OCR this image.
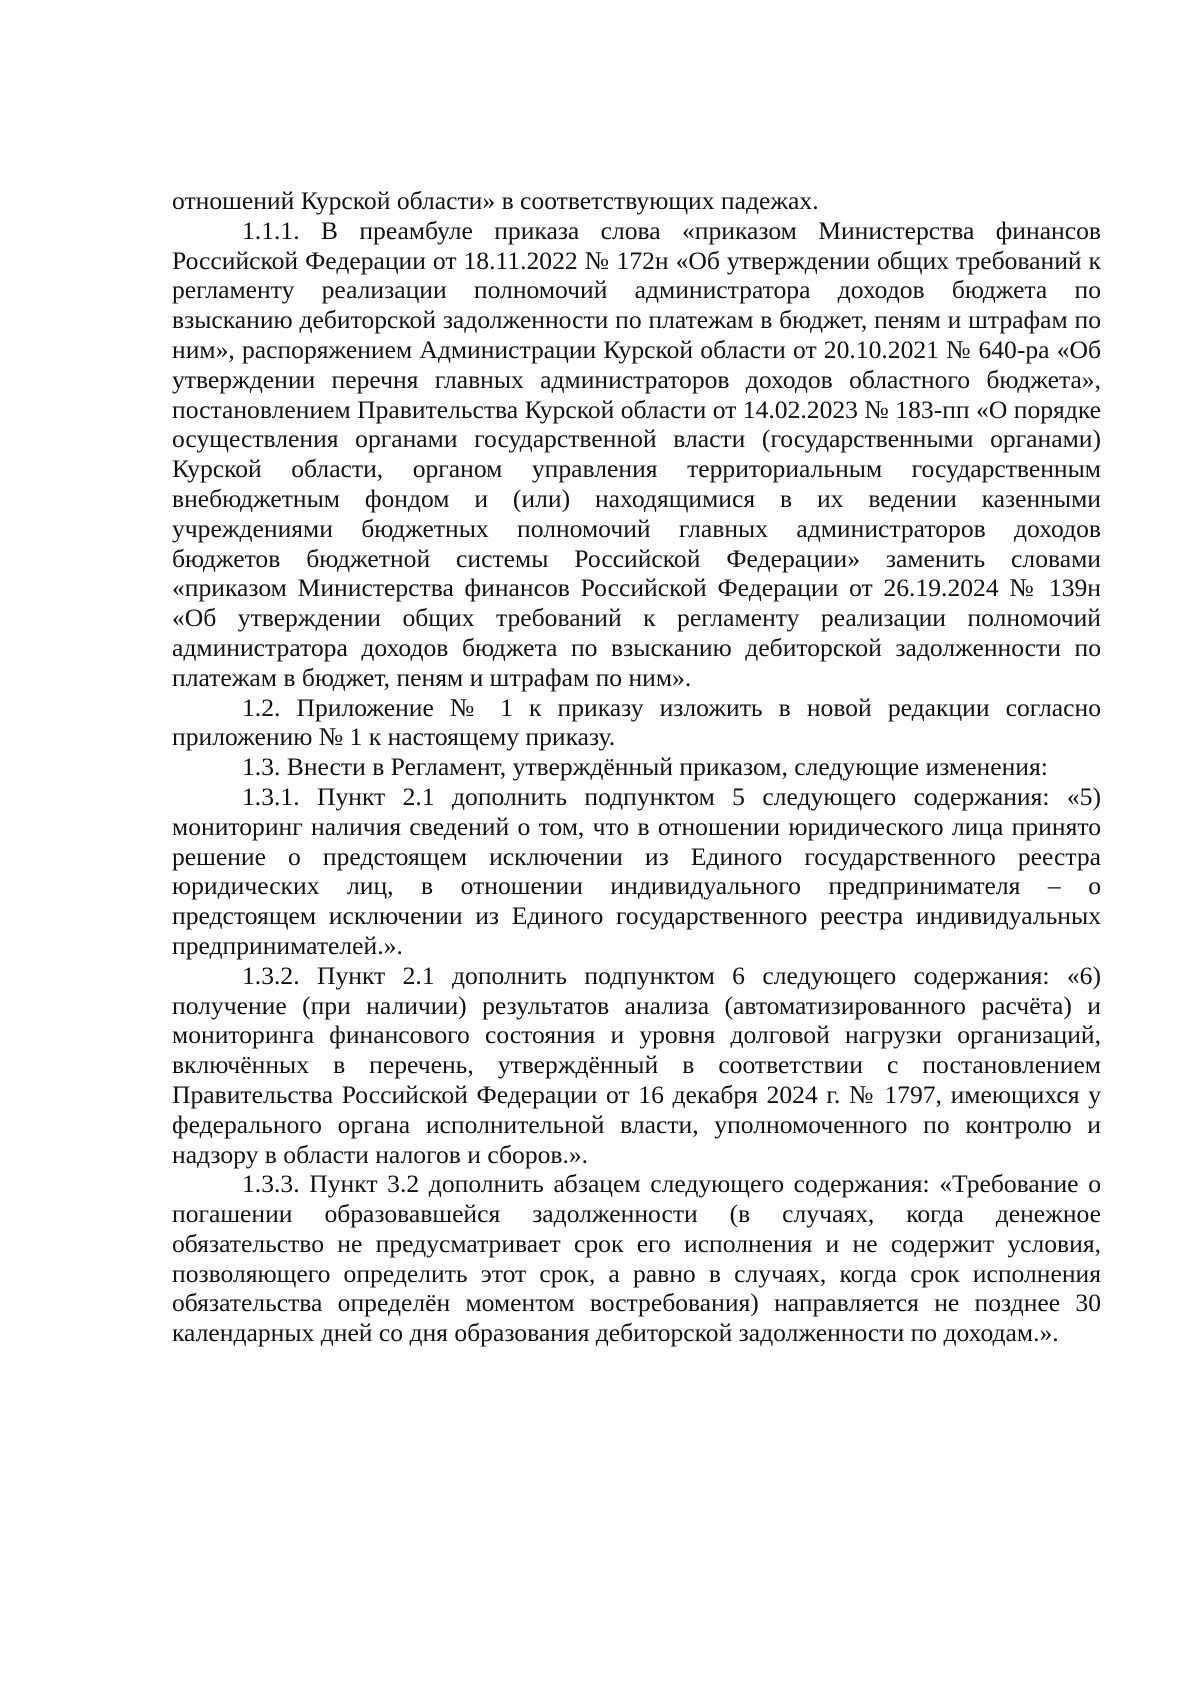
отношений Курской области» в соответствующих падежах.

1.1.1. В преамбуле приказа слова «приказом Министерства финансов Российской Федерации от 18.11.2022 № 172н «Об утверждении общих требований к регламенту реализации полномочий администратора доходов бюджета по взысканию дебиторской задолженности по платежам в бюджет, пеням и штрафам по ним», распоряжением Администрации Курской области от 20.10.2021 № 640-ра «Об утверждении перечня главных администраторов доходов областного бюджета», постановлением Правительства Курской области от 14.02.2023 № 183-пп «О порядке осуществления органами государственной власти (государственными органами) Курской области, органом управления территориальным государственным внебюджетным фондом и (или) находящимися в их ведении казенными учреждениями бюджетных полномочий главных администраторов доходов бюджетов бюджетной системы Российской Федерации» заменить словами «приказом Министерства финансов Российской Федерации от 26.19.2024 № 139н «Об утверждении общих требований к регламенту реализации полномочий администратора доходов бюджета по взысканию дебиторской задолженности по платежам в бюджет, пеням и штрафам по ним».

1.2. Приложение № 1 к приказу изложить в новой редакции согласно приложению № 1 к настоящему приказу.

1.3. Внести в Регламент, утверждённый приказом, следующие изменения:

1.3.1. Пункт 2.1 дополнить подпунктом 5 следующего содержания: «5) мониторинг наличия сведений о том, что в отношении юридического лица принято решение о предстоящем исключении из Единого государственного реестра юридических лиц, в отношении индивидуального предпринимателя – о предстоящем исключении из Единого государственного реестра индивидуальных предпринимателей.».

1.3.2. Пункт 2.1 дополнить подпунктом 6 следующего содержания: «6) получение (при наличии) результатов анализа (автоматизированного расчёта) и мониторинга финансового состояния и уровня долговой нагрузки организаций, включённых в перечень, утверждённый в соответствии с постановлением Правительства Российской Федерации от 16 декабря 2024 г. № 1797, имеющихся у федерального органа исполнительной власти, уполномоченного по контролю и надзору в области налогов и сборов.».

1.3.3. Пункт 3.2 дополнить абзацем следующего содержания: «Требование о погашении образовавшейся задолженности (в случаях, когда денежное обязательство не предусматривает срок его исполнения и не содержит условия, позволяющего определить этот срок, а равно в случаях, когда срок исполнения обязательства определён моментом востребования) направляется не позднее 30 календарных дней со дня образования дебиторской задолженности по доходам.».
